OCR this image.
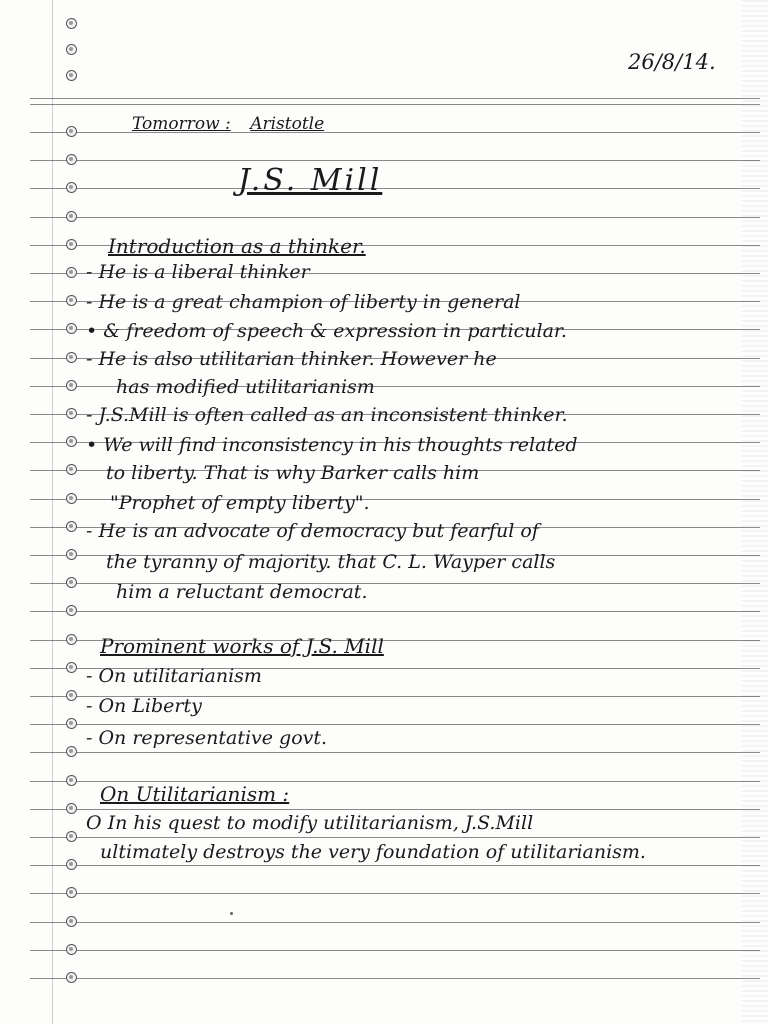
26/8/14.
Tomorrow : Aristotle
J.S. Mill
Introduction as a thinker.
- He is a liberal thinker
- He is a great champion of liberty in general
• & freedom of speech & expression in particular.
- He is also utilitarian thinker. However he
has modified utilitarianism
- J.S.Mill is often called as an inconsistent thinker.
• We will find inconsistency in his thoughts related
to liberty. That is why Barker calls him
"Prophet of empty liberty".
- He is an advocate of democracy but fearful of
the tyranny of majority. that C. L. Wayper calls
him a reluctant democrat.
Prominent works of J.S. Mill
- On utilitarianism
- On Liberty
- On representative govt.
On Utilitarianism :
O In his quest to modify utilitarianism, J.S.Mill
ultimately destroys the very foundation of utilitarianism.
